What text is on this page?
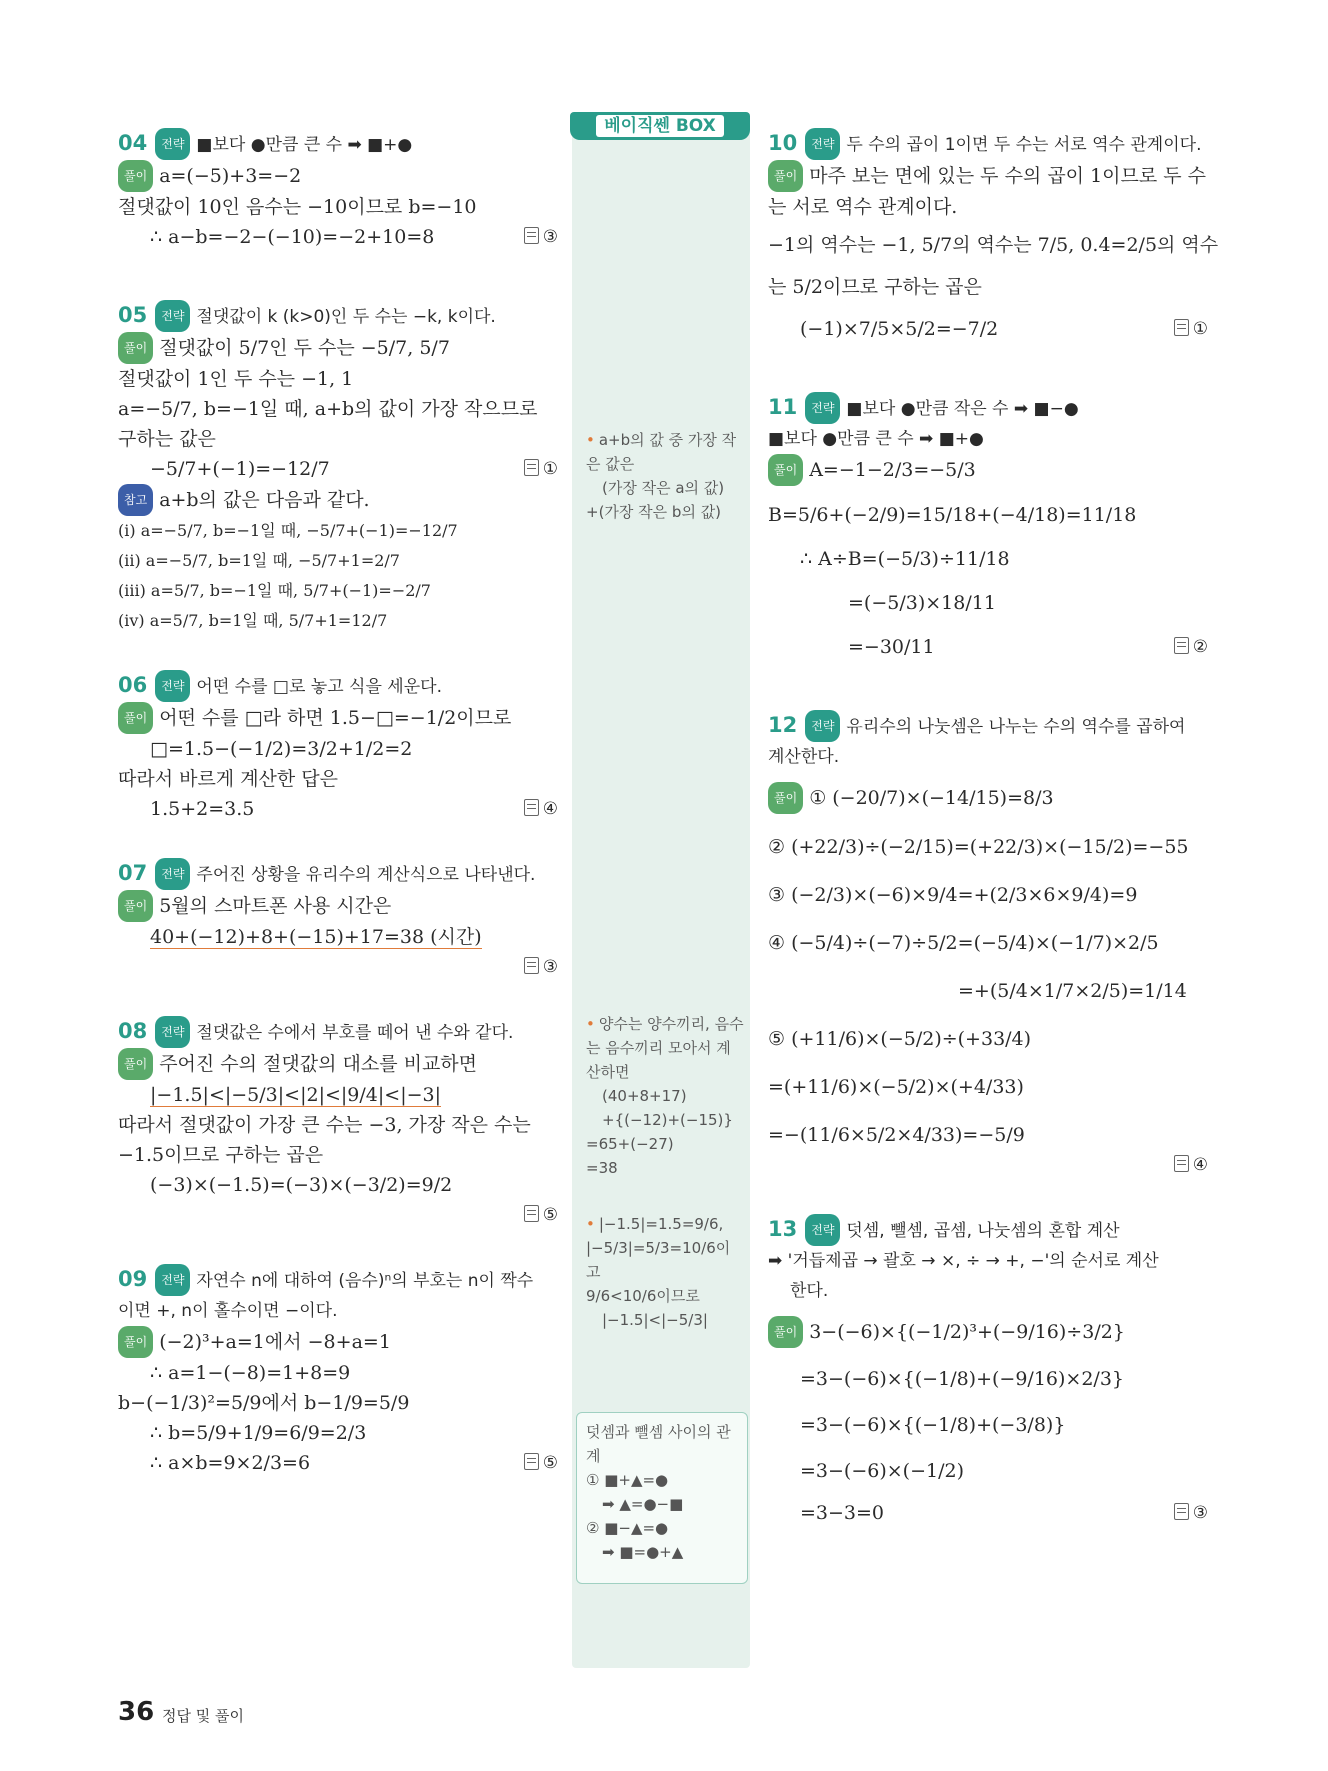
베이직쎈 BOX
04 전략 ■보다 ●만큼 큰 수 ➡ ■+●
풀이 a=(−5)+3=−2
절댓값이 10인 음수는 −10이므로 b=−10
∴ a−b=−2−(−10)=−2+10=8	③
05 전략 절댓값이 k (k>0)인 두 수는 −k, k이다.
풀이 절댓값이 5/7인 두 수는 −5/7, 5/7
절댓값이 1인 두 수는 −1, 1
a=−5/7, b=−1일 때, a+b의 값이 가장 작으므로
구하는 값은
−5/7+(−1)=−12/7	①
참고 a+b의 값은 다음과 같다.
(i) a=−5/7, b=−1일 때, −5/7+(−1)=−12/7
(ii) a=−5/7, b=1일 때, −5/7+1=2/7
(iii) a=5/7, b=−1일 때, 5/7+(−1)=−2/7
(iv) a=5/7, b=1일 때, 5/7+1=12/7
06 전략 어떤 수를 □로 놓고 식을 세운다.
풀이 어떤 수를 □라 하면 1.5−□=−1/2이므로
□=1.5−(−1/2)=3/2+1/2=2
따라서 바르게 계산한 답은
1.5+2=3.5	④
07 전략 주어진 상황을 유리수의 계산식으로 나타낸다.
풀이 5월의 스마트폰 사용 시간은
40+(−12)+8+(−15)+17=38 (시간)
③

08 전략 절댓값은 수에서 부호를 떼어 낸 수와 같다.
풀이 주어진 수의 절댓값의 대소를 비교하면
|−1.5|<|−5/3|<|2|<|9/4|<|−3|
따라서 절댓값이 가장 큰 수는 −3, 가장 작은 수는
−1.5이므로 구하는 곱은
(−3)×(−1.5)=(−3)×(−3/2)=9/2
⑤

09 전략 자연수 n에 대하여 (음수)ⁿ의 부호는 n이 짝수
이면 +, n이 홀수이면 −이다.
풀이 (−2)³+a=1에서 −8+a=1
∴ a=1−(−8)=1+8=9
b−(−1/3)²=5/9에서 b−1/9=5/9
∴ b=5/9+1/9=6/9=2/3
∴ a×b=9×2/3=6	⑤
• a+b의 값 중 가장 작
은 값은
(가장 작은 a의 값)
+(가장 작은 b의 값)
• 양수는 양수끼리, 음수
는 음수끼리 모아서 계
산하면
(40+8+17)
+{(−12)+(−15)}
=65+(−27)
=38
• |−1.5|=1.5=9/6,
|−5/3|=5/3=10/6이고
9/6<10/6이므로
|−1.5|<|−5/3|
덧셈과 뺄셈 사이의 관
계
① ■+▲=●
➡ ▲=●−■
② ■−▲=●
➡ ■=●+▲
10 전략 두 수의 곱이 1이면 두 수는 서로 역수 관계이다.
풀이 마주 보는 면에 있는 두 수의 곱이 1이므로 두 수
는 서로 역수 관계이다.
−1의 역수는 −1, 5/7의 역수는 7/5, 0.4=2/5의 역수
는 5/2이므로 구하는 곱은
(−1)×7/5×5/2=−7/2	①
11 전략 ■보다 ●만큼 작은 수 ➡ ■−●
■보다 ●만큼 큰 수 ➡ ■+●
풀이 A=−1−2/3=−5/3
B=5/6+(−2/9)=15/18+(−4/18)=11/18
∴ A÷B=(−5/3)÷11/18
=(−5/3)×18/11
=−30/11	②
12 전략 유리수의 나눗셈은 나누는 수의 역수를 곱하여
계산한다.
풀이 ① (−20/7)×(−14/15)=8/3
② (+22/3)÷(−2/15)=(+22/3)×(−15/2)=−55
③ (−2/3)×(−6)×9/4=+(2/3×6×9/4)=9
④ (−5/4)÷(−7)÷5/2=(−5/4)×(−1/7)×2/5
=+(5/4×1/7×2/5)=1/14
⑤ (+11/6)×(−5/2)÷(+33/4)
=(+11/6)×(−5/2)×(+4/33)
=−(11/6×5/2×4/33)=−5/9
④

13 전략 덧셈, 뺄셈, 곱셈, 나눗셈의 혼합 계산
➡ '거듭제곱 → 괄호 → ×, ÷ → +, −'의 순서로 계산
한다.
풀이 3−(−6)×{(−1/2)³+(−9/16)÷3/2}
=3−(−6)×{(−1/8)+(−9/16)×2/3}
=3−(−6)×{(−1/8)+(−3/8)}
=3−(−6)×(−1/2)
=3−3=0	③
36 정답 및 풀이
